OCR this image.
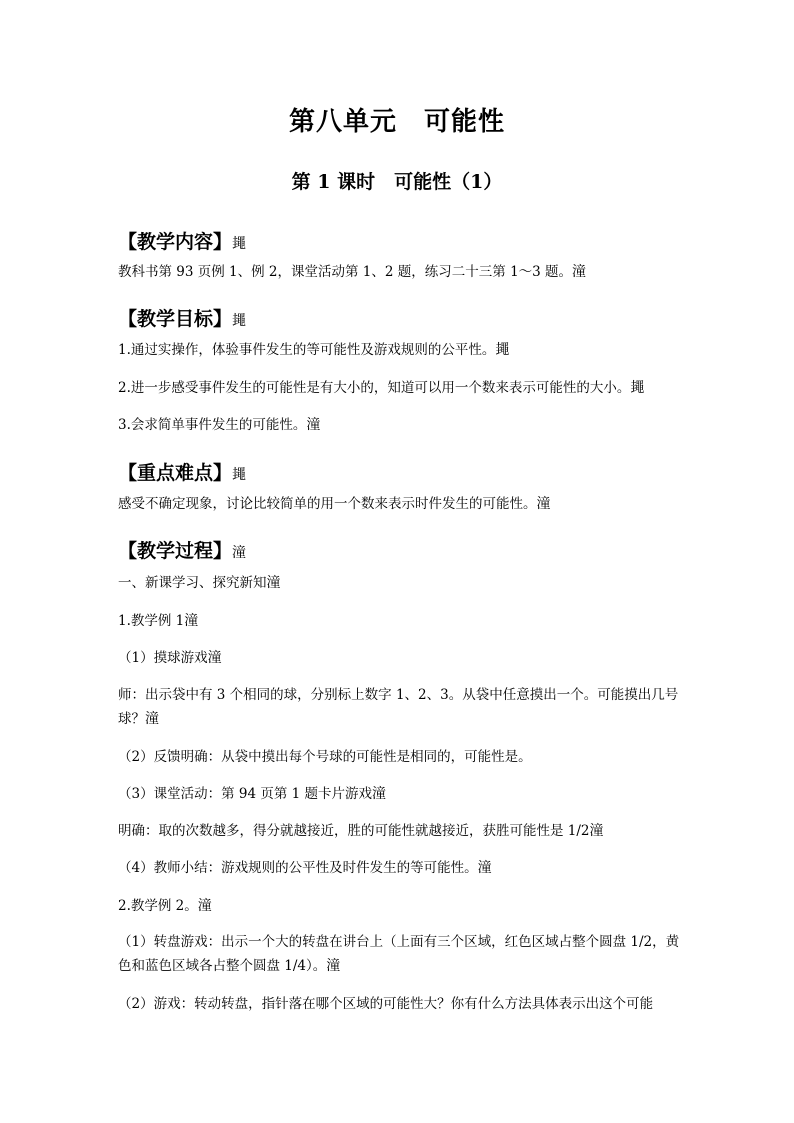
第八单元　可能性
第 1 课时　可能性（1）
【教学内容】䵷
教科书第 93 页例 1、例 2，课堂活动第 1、2 题，练习二十三第 1～3 题。潼
【教学目标】䵷
1.通过实操作，体验事件发生的等可能性及游戏规则的公平性。䵷
2.进一步感受事件发生的可能性是有大小的，知道可以用一个数来表示可能性的大小。䵷
3.会求简单事件发生的可能性。潼
【重点难点】䵷
感受不确定现象，讨论比较简单的用一个数来表示时件发生的可能性。潼
【教学过程】潼
一、新课学习、探究新知潼
1.教学例 1潼
（1）摸球游戏潼
师：出示袋中有 3 个相同的球，分别标上数字 1、2、3。从袋中任意摸出一个。可能摸出几号球？潼
（2）反馈明确：从袋中摸出每个号球的可能性是相同的，可能性是。
（3）课堂活动：第 94 页第 1 题卡片游戏潼
明确：取的次数越多，得分就越接近，胜的可能性就越接近，获胜可能性是 1/2潼
（4）教师小结：游戏规则的公平性及时件发生的等可能性。潼
2.教学例 2。潼
（1）转盘游戏：出示一个大的转盘在讲台上（上面有三个区域，红色区域占整个圆盘 1/2，黄色和蓝色区域各占整个圆盘 1/4）。潼
（2）游戏：转动转盘，指针落在哪个区域的可能性大？你有什么方法具体表示出这个可能
